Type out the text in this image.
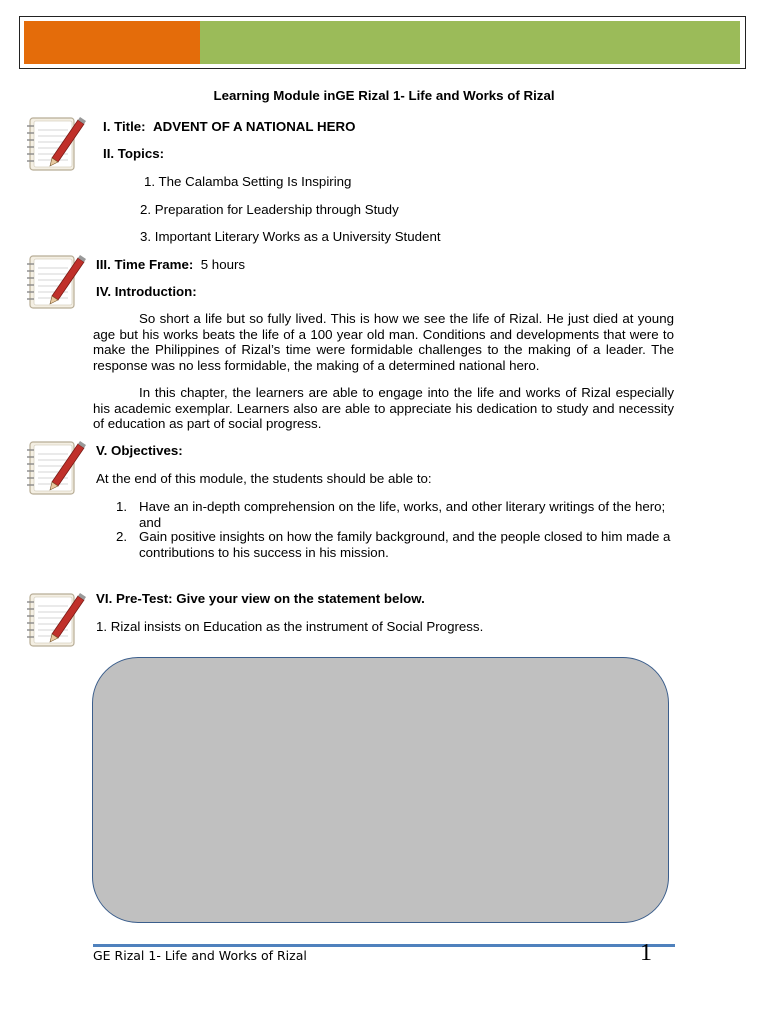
Learning Module inGE Rizal 1- Life and Works of Rizal
I. Title: ADVENT OF A NATIONAL HERO
II. Topics:
1. The Calamba Setting Is Inspiring
2. Preparation for Leadership through Study
3. Important Literary Works as a University Student
III. Time Frame: 5 hours
IV. Introduction:
So short a life but so fully lived. This is how we see the life of Rizal. He just died at young age but his works beats the life of a 100 year old man. Conditions and developments that were to make the Philippines of Rizal’s time were formidable challenges to the making of a leader. The response was no less formidable, the making of a determined national hero.
In this chapter, the learners are able to engage into the life and works of Rizal especially his academic exemplar. Learners also are able to appreciate his dedication to study and necessity of education as part of social progress.
V. Objectives:
At the end of this module, the students should be able to:
1. Have an in-depth comprehension on the life, works, and other literary writings of the hero; and
2. Gain positive insights on how the family background, and the people closed to him made a contributions to his success in his mission.
VI. Pre-Test: Give your view on the statement below.
1. Rizal insists on Education as the instrument of Social Progress.
GE Rizal 1- Life and Works of Rizal	1
